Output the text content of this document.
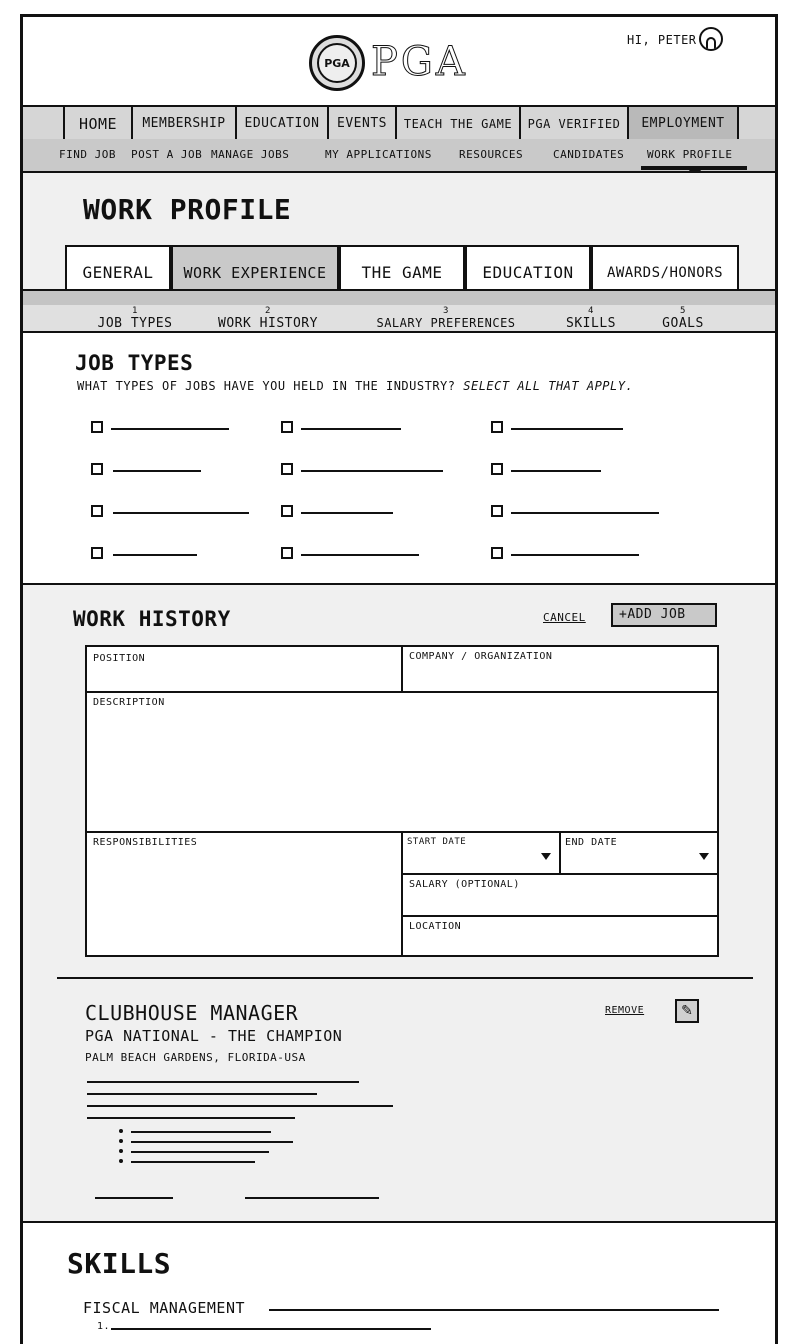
PGA PGA	HI, PETER
HOME	MEMBERSHIP	EDUCATION	EVENTS	TEACH THE GAME	PGA VERIFIED	EMPLOYMENT
FIND JOB POST A JOB MANAGE JOBS	MY APPLICATIONS RESOURCES	CANDIDATES WORK PROFILE
WORK PROFILE
GENERAL	WORK EXPERIENCE	THE GAME	EDUCATION	AWARDS/HONORS
1
JOB TYPES
2
WORK HISTORY
3
SALARY PREFERENCES
4
SKILLS
5
GOALS
JOB TYPES
WHAT TYPES OF JOBS HAVE YOU HELD IN THE INDUSTRY? SELECT ALL THAT APPLY.
WORK HISTORY	CANCEL	+ADD JOB
POSITION	COMPANY / ORGANIZATION
DESCRIPTION
RESPONSIBILITIES	START DATE	END DATE
SALARY (OPTIONAL)
LOCATION
CLUBHOUSE MANAGER
PGA NATIONAL - THE CHAMPION
PALM BEACH GARDENS, FLORIDA-USA
REMOVE	✎
SKILLS
FISCAL MANAGEMENT
1.
